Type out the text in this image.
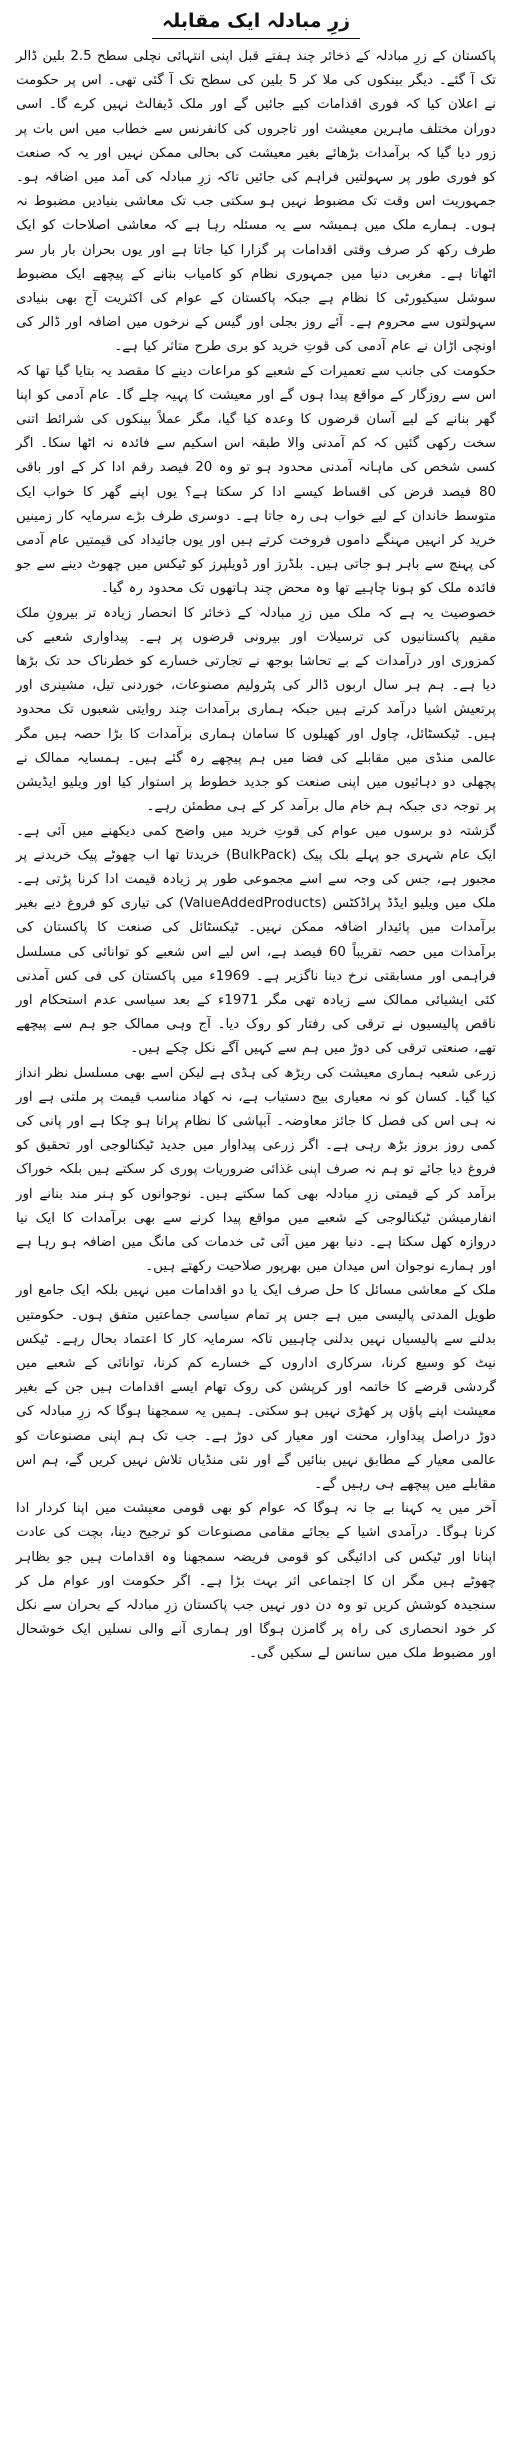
زرِ مبادلہ ایک مقابلہ

پاکستان کے زرِ مبادلہ کے ذخائر چند ہفتے قبل اپنی انتہائی نچلی سطح 2.5 بلین ڈالر تک آ گئے۔ دیگر بینکوں کی ملا کر 5 بلین کی سطح تک آ گئی تھی۔ اس پر حکومت نے اعلان کیا کہ فوری اقدامات کیے جائیں گے اور ملک ڈیفالٹ نہیں کرے گا۔ اسی دوران مختلف ماہرین معیشت اور تاجروں کی کانفرنس سے خطاب میں اس بات پر زور دیا گیا کہ برآمدات بڑھائے بغیر معیشت کی بحالی ممکن نہیں اور یہ کہ صنعت کو فوری طور پر سہولتیں فراہم کی جائیں تاکہ زرِ مبادلہ کی آمد میں اضافہ ہو۔ جمہوریت اس وقت تک مضبوط نہیں ہو سکتی جب تک معاشی بنیادیں مضبوط نہ ہوں۔ ہمارے ملک میں ہمیشہ سے یہ مسئلہ رہا ہے کہ معاشی اصلاحات کو ایک طرف رکھ کر صرف وقتی اقدامات پر گزارا کیا جاتا ہے اور یوں بحران بار بار سر اٹھاتا ہے۔ مغربی دنیا میں جمہوری نظام کو کامیاب بنانے کے پیچھے ایک مضبوط سوشل سیکیورٹی کا نظام ہے جبکہ پاکستان کے عوام کی اکثریت آج بھی بنیادی سہولتوں سے محروم ہے۔ آئے روز بجلی اور گیس کے نرخوں میں اضافہ اور ڈالر کی اونچی اڑان نے عام آدمی کی قوتِ خرید کو بری طرح متاثر کیا ہے۔

حکومت کی جانب سے تعمیرات کے شعبے کو مراعات دینے کا مقصد یہ بتایا گیا تھا کہ اس سے روزگار کے مواقع پیدا ہوں گے اور معیشت کا پہیہ چلے گا۔ عام آدمی کو اپنا گھر بنانے کے لیے آسان قرضوں کا وعدہ کیا گیا، مگر عملاً بینکوں کی شرائط اتنی سخت رکھی گئیں کہ کم آمدنی والا طبقہ اس اسکیم سے فائدہ نہ اٹھا سکا۔ اگر کسی شخص کی ماہانہ آمدنی محدود ہو تو وہ 20 فیصد رقم ادا کر کے اور باقی 80 فیصد قرض کی اقساط کیسے ادا کر سکتا ہے؟ یوں اپنے گھر کا خواب ایک متوسط خاندان کے لیے خواب ہی رہ جاتا ہے۔ دوسری طرف بڑے سرمایہ کار زمینیں خرید کر انہیں مہنگے داموں فروخت کرتے ہیں اور یوں جائیداد کی قیمتیں عام آدمی کی پہنچ سے باہر ہو جاتی ہیں۔ بلڈرز اور ڈویلپرز کو ٹیکس میں چھوٹ دینے سے جو فائدہ ملک کو ہونا چاہیے تھا وہ محض چند ہاتھوں تک محدود رہ گیا۔

خصوصیت یہ ہے کہ ملک میں زرِ مبادلہ کے ذخائر کا انحصار زیادہ تر بیرونِ ملک مقیم پاکستانیوں کی ترسیلات اور بیرونی قرضوں پر ہے۔ پیداواری شعبے کی کمزوری اور درآمدات کے بے تحاشا بوجھ نے تجارتی خسارے کو خطرناک حد تک بڑھا دیا ہے۔ ہم ہر سال اربوں ڈالر کی پٹرولیم مصنوعات، خوردنی تیل، مشینری اور پرتعیش اشیا درآمد کرتے ہیں جبکہ ہماری برآمدات چند روایتی شعبوں تک محدود ہیں۔ ٹیکسٹائل، چاول اور کھیلوں کا سامان ہماری برآمدات کا بڑا حصہ ہیں مگر عالمی منڈی میں مقابلے کی فضا میں ہم پیچھے رہ گئے ہیں۔ ہمسایہ ممالک نے پچھلی دو دہائیوں میں اپنی صنعت کو جدید خطوط پر استوار کیا اور ویلیو ایڈیشن پر توجہ دی جبکہ ہم خام مال برآمد کر کے ہی مطمئن رہے۔

گزشتہ دو برسوں میں عوام کی قوتِ خرید میں واضح کمی دیکھنے میں آئی ہے۔ ایک عام شہری جو پہلے بلک پیک (BulkPack) خریدتا تھا اب چھوٹے پیک خریدنے پر مجبور ہے، جس کی وجہ سے اسے مجموعی طور پر زیادہ قیمت ادا کرنا پڑتی ہے۔ ملک میں ویلیو ایڈڈ پراڈکٹس (ValueAddedProducts) کی تیاری کو فروغ دیے بغیر برآمدات میں پائیدار اضافہ ممکن نہیں۔ ٹیکسٹائل کی صنعت کا پاکستان کی برآمدات میں حصہ تقریباً 60 فیصد ہے، اس لیے اس شعبے کو توانائی کی مسلسل فراہمی اور مسابقتی نرخ دینا ناگزیر ہے۔ 1969ء میں پاکستان کی فی کس آمدنی کئی ایشیائی ممالک سے زیادہ تھی مگر 1971ء کے بعد سیاسی عدم استحکام اور ناقص پالیسیوں نے ترقی کی رفتار کو روک دیا۔ آج وہی ممالک جو ہم سے پیچھے تھے، صنعتی ترقی کی دوڑ میں ہم سے کہیں آگے نکل چکے ہیں۔

زرعی شعبہ ہماری معیشت کی ریڑھ کی ہڈی ہے لیکن اسے بھی مسلسل نظر انداز کیا گیا۔ کسان کو نہ معیاری بیج دستیاب ہے، نہ کھاد مناسب قیمت پر ملتی ہے اور نہ ہی اس کی فصل کا جائز معاوضہ۔ آبپاشی کا نظام پرانا ہو چکا ہے اور پانی کی کمی روز بروز بڑھ رہی ہے۔ اگر زرعی پیداوار میں جدید ٹیکنالوجی اور تحقیق کو فروغ دیا جائے تو ہم نہ صرف اپنی غذائی ضروریات پوری کر سکتے ہیں بلکہ خوراک برآمد کر کے قیمتی زرِ مبادلہ بھی کما سکتے ہیں۔ نوجوانوں کو ہنر مند بنانے اور انفارمیشن ٹیکنالوجی کے شعبے میں مواقع پیدا کرنے سے بھی برآمدات کا ایک نیا دروازہ کھل سکتا ہے۔ دنیا بھر میں آئی ٹی خدمات کی مانگ میں اضافہ ہو رہا ہے اور ہمارے نوجوان اس میدان میں بھرپور صلاحیت رکھتے ہیں۔

ملک کے معاشی مسائل کا حل صرف ایک یا دو اقدامات میں نہیں بلکہ ایک جامع اور طویل المدتی پالیسی میں ہے جس پر تمام سیاسی جماعتیں متفق ہوں۔ حکومتیں بدلنے سے پالیسیاں نہیں بدلنی چاہییں تاکہ سرمایہ کار کا اعتماد بحال رہے۔ ٹیکس نیٹ کو وسیع کرنا، سرکاری اداروں کے خسارے کم کرنا، توانائی کے شعبے میں گردشی قرضے کا خاتمہ اور کرپشن کی روک تھام ایسے اقدامات ہیں جن کے بغیر معیشت اپنے پاؤں پر کھڑی نہیں ہو سکتی۔ ہمیں یہ سمجھنا ہوگا کہ زرِ مبادلہ کی دوڑ دراصل پیداوار، محنت اور معیار کی دوڑ ہے۔ جب تک ہم اپنی مصنوعات کو عالمی معیار کے مطابق نہیں بنائیں گے اور نئی منڈیاں تلاش نہیں کریں گے، ہم اس مقابلے میں پیچھے ہی رہیں گے۔

آخر میں یہ کہنا بے جا نہ ہوگا کہ عوام کو بھی قومی معیشت میں اپنا کردار ادا کرنا ہوگا۔ درآمدی اشیا کے بجائے مقامی مصنوعات کو ترجیح دینا، بچت کی عادت اپنانا اور ٹیکس کی ادائیگی کو قومی فریضہ سمجھنا وہ اقدامات ہیں جو بظاہر چھوٹے ہیں مگر ان کا اجتماعی اثر بہت بڑا ہے۔ اگر حکومت اور عوام مل کر سنجیدہ کوشش کریں تو وہ دن دور نہیں جب پاکستان زرِ مبادلہ کے بحران سے نکل کر خود انحصاری کی راہ پر گامزن ہوگا اور ہماری آنے والی نسلیں ایک خوشحال اور مضبوط ملک میں سانس لے سکیں گی۔
